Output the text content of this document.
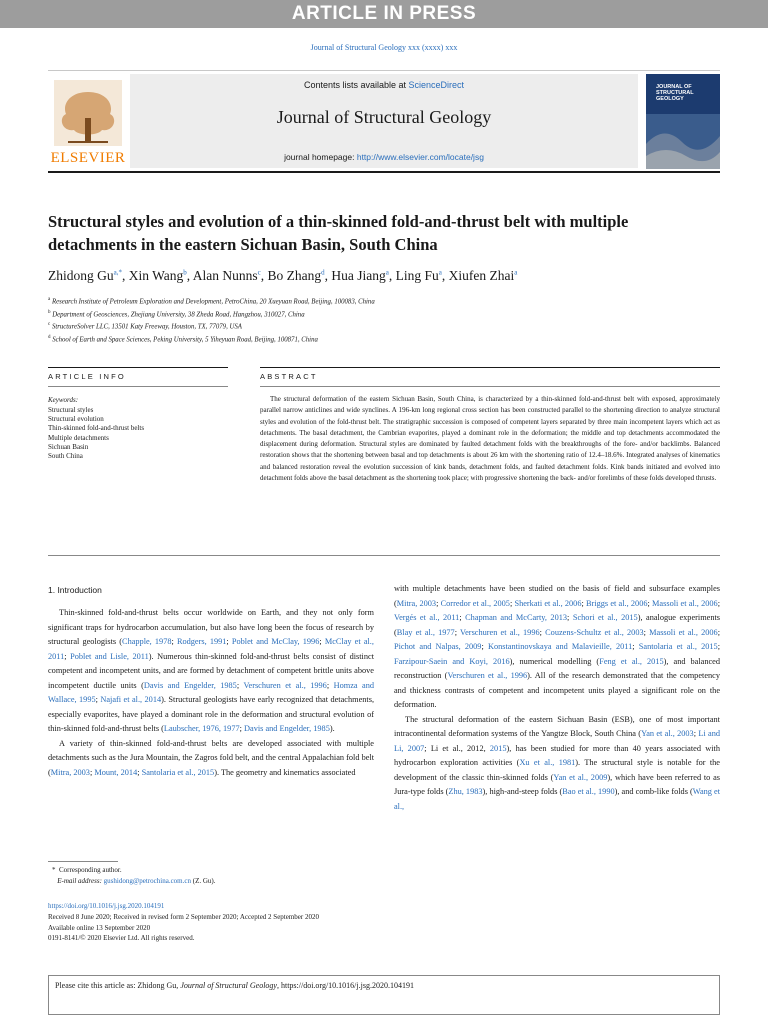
ARTICLE IN PRESS
Journal of Structural Geology xxx (xxxx) xxx
ELSEVIER
Contents lists available at ScienceDirect
Journal of Structural Geology
journal homepage: http://www.elsevier.com/locate/jsg
JOURNAL OF STRUCTURAL GEOLOGY
Structural styles and evolution of a thin-skinned fold-and-thrust belt with multiple detachments in the eastern Sichuan Basin, South China
Zhidong $Gu^{a,*}$, Xin Wang$^b$, Alan Nunns$^c$, Bo Zhang$^d$, Hua Jiang$^a$, Ling Fu$^a$, Xiufen Zhai$^a$
$^a$ Research Institute of Petroleum Exploration and Development, PetroChina, 20 Xueyuan Road, Beijing, 100083, China
$^b$ Department of Geosciences, Zhejiang University, 38 Zheda Road, Hangzhou, 310027, China
$^c$ StructureSolver LLC, 13501 Katy Freeway, Houston, TX, 77079, USA
$^d$ School of Earth and Space Sciences, Peking University, 5 Yiheyuan Road, Beijing, 100871, China
ARTICLE INFO	ABSTRACT
Keywords:
Structural styles
Structural evolution
Thin-skinned fold-and-thrust belts
Multiple detachments
Sichuan Basin
South China
The structural deformation of the eastern Sichuan Basin, South China, is characterized by a thin-skinned fold-and-thrust belt with exposed, approximately parallel narrow anticlines and wide synclines. A 196-km long regional cross section has been constructed parallel to the shortening direction to analyze structural styles and evolution of the fold-thrust belt. The stratigraphic succession is composed of competent layers separated by three main incompetent layers which act as detachments. The basal detachment, the Cambrian evaporites, played a dominant role in the deformation; the middle and top detachments accommodated the displacement during deformation. Structural styles are dominated by faulted detachment folds with the breakthroughs of the fore- and/or backlimbs. Balanced restoration shows that the shortening between basal and top detachments is about 26 km with the shortening ratio of 12.4–18.6%. Integrated analyses of kinematics and balanced restoration reveal the evolution succession of kink bands, detachment folds, and faulted detachment folds. Kink bands initiated and evolved into detachment folds above the basal detachment as the shortening took place; with progressive shortening the back- and/or forelimbs of these folds developed thrusts.
1. Introduction

Thin-skinned fold-and-thrust belts occur worldwide on Earth, and they not only form significant traps for hydrocarbon accumulation, but also have long been the focus of research by structural geologists (Chapple, 1978; Rodgers, 1991; Poblet and McClay, 1996; McClay et al., 2011; Poblet and Lisle, 2011). Numerous thin-skinned fold-and-thrust belts consist of distinct competent and incompetent units, and are formed by detachment of competent brittle units above incompetent ductile units (Davis and Engelder, 1985; Verschuren et al., 1996; Homza and Wallace, 1995; Najafi et al., 2014). Structural geologists have early recognized that detachments, especially evaporites, have played a dominant role in the deformation and structural evolution of thin-skinned fold-and-thrust belts (Laubscher, 1976, 1977; Davis and Engelder, 1985).

A variety of thin-skinned fold-and-thrust belts are developed associated with multiple detachments such as the Jura Mountain, the Zagros fold belt, and the central Appalachian fold belt (Mitra, 2003; Mount, 2014; Santolaria et al., 2015). The geometry and kinematics associated

with multiple detachments have been studied on the basis of field and subsurface examples (Mitra, 2003; Corredor et al., 2005; Sherkati et al., 2006; Briggs et al., 2006; Massoli et al., 2006; Vergés et al., 2011; Chapman and McCarty, 2013; Schori et al., 2015), analogue experiments (Blay et al., 1977; Verschuren et al., 1996; Couzens-Schultz et al., 2003; Massoli et al., 2006; Pichot and Nalpas, 2009; Konstantinovskaya and Malavieille, 2011; Santolaria et al., 2015; Farzipour-Saein and Koyi, 2016), numerical modelling (Feng et al., 2015), and balanced reconstruction (Verschuren et al., 1996). All of the research demonstrated that the competency and thickness contrasts of competent and incompetent units played a significant role on the deformation.

The structural deformation of the eastern Sichuan Basin (ESB), one of most important intracontinental deformation systems of the Yangtze Block, South China (Yan et al., 2003; Li and Li, 2007; Li et al., 2012, 2015), has been studied for more than 40 years associated with hydrocarbon exploration activities (Xu et al., 1981). The structural style is notable for the development of the classic thin-skinned folds (Yan et al., 2009), which have been referred to as Jura-type folds (Zhu, 1983), high-and-steep folds (Bao et al., 1990), and comb-like folds (Wang et al.,

* Corresponding author.
E-mail address: gushidong@petrochina.com.cn (Z. Gu).
https://doi.org/10.1016/j.jsg.2020.104191
Received 8 June 2020; Received in revised form 2 September 2020; Accepted 2 September 2020
Available online 13 September 2020
0191-8141/© 2020 Elsevier Ltd. All rights reserved.
Please cite this article as: Zhidong Gu, Journal of Structural Geology, https://doi.org/10.1016/j.jsg.2020.104191
